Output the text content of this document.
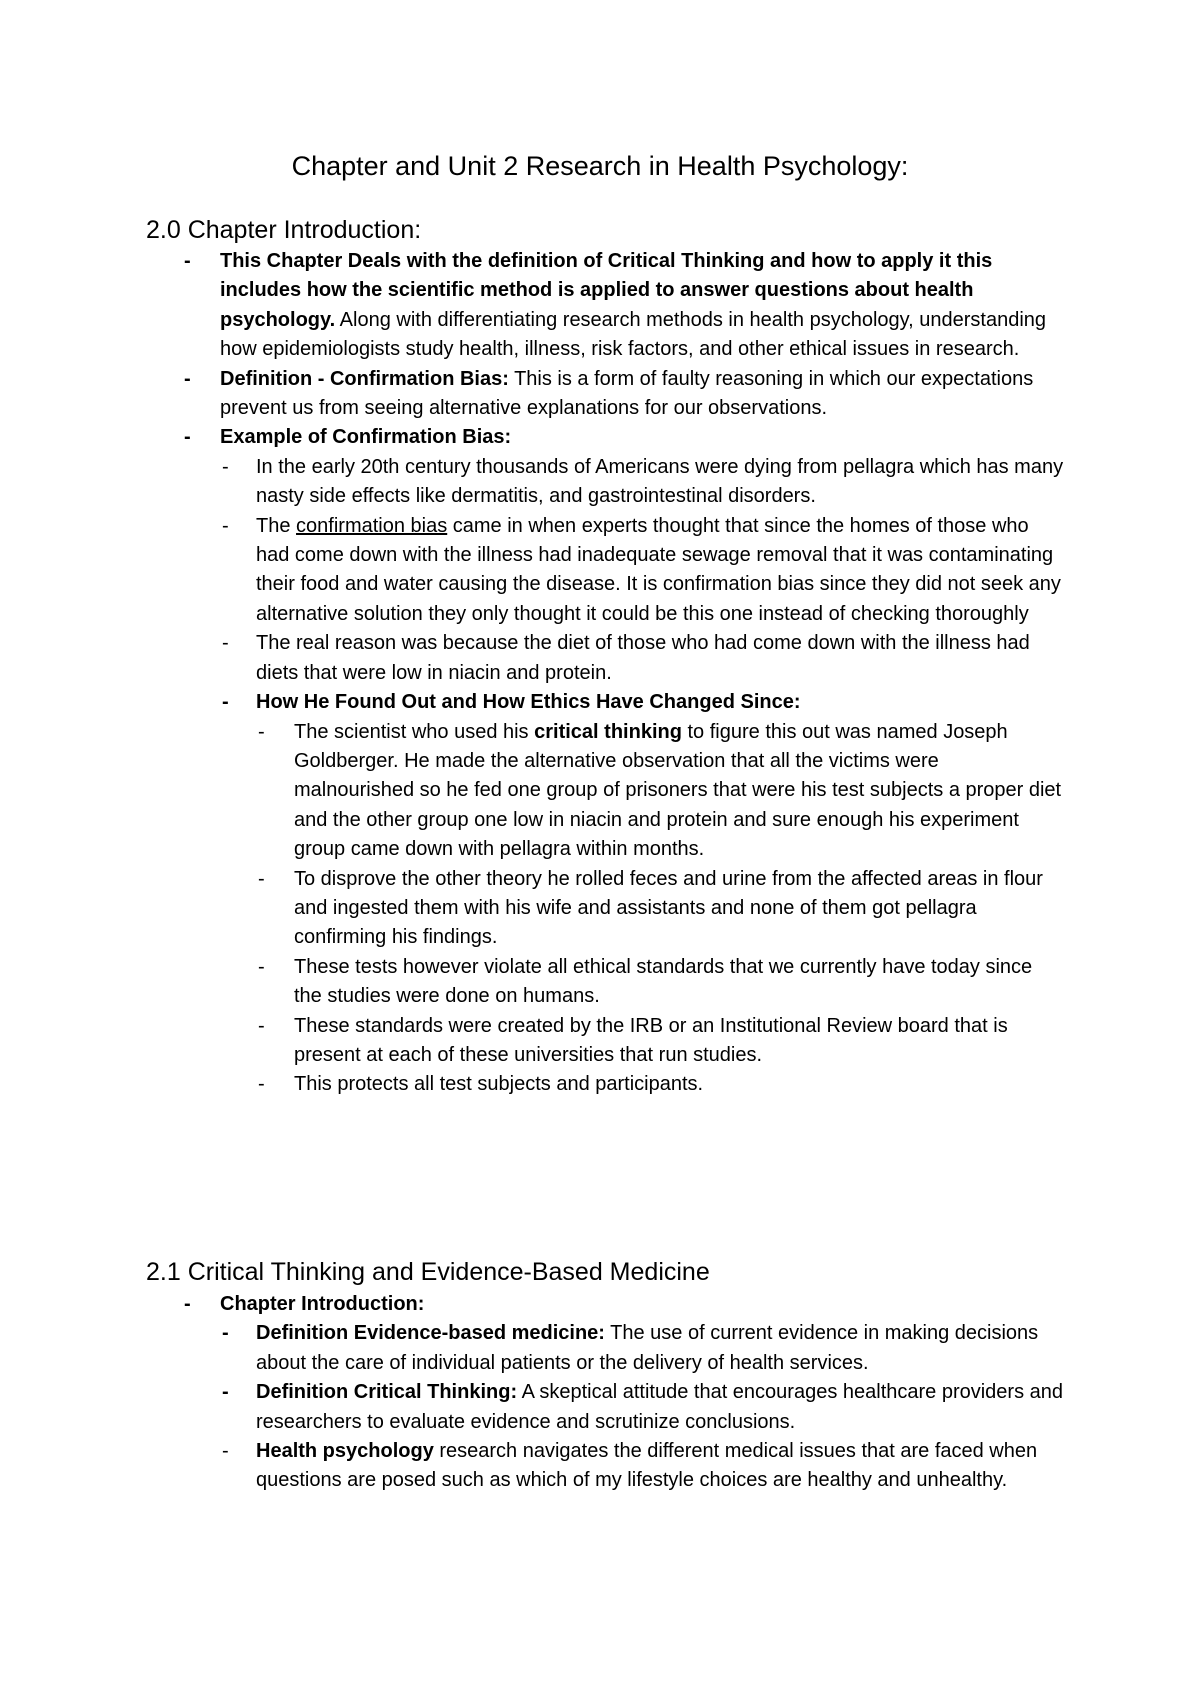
Chapter and Unit 2 Research in Health Psychology:
2.0 Chapter Introduction:
- This Chapter Deals with the definition of Critical Thinking and how to apply it this includes how the scientific method is applied to answer questions about health psychology. Along with differentiating research methods in health psychology, understanding how epidemiologists study health, illness, risk factors, and other ethical issues in research.
- Definition - Confirmation Bias: This is a form of faulty reasoning in which our expectations prevent us from seeing alternative explanations for our observations.
- Example of Confirmation Bias:
- In the early 20th century thousands of Americans were dying from pellagra which has many nasty side effects like dermatitis, and gastrointestinal disorders.
- The confirmation bias came in when experts thought that since the homes of those who had come down with the illness had inadequate sewage removal that it was contaminating their food and water causing the disease. It is confirmation bias since they did not seek any alternative solution they only thought it could be this one instead of checking thoroughly
- The real reason was because the diet of those who had come down with the illness had diets that were low in niacin and protein.
- How He Found Out and How Ethics Have Changed Since:
- The scientist who used his critical thinking to figure this out was named Joseph Goldberger. He made the alternative observation that all the victims were malnourished so he fed one group of prisoners that were his test subjects a proper diet and the other group one low in niacin and protein and sure enough his experiment group came down with pellagra within months.
- To disprove the other theory he rolled feces and urine from the affected areas in flour and ingested them with his wife and assistants and none of them got pellagra confirming his findings.
- These tests however violate all ethical standards that we currently have today since the studies were done on humans.
- These standards were created by the IRB or an Institutional Review board that is present at each of these universities that run studies.
- This protects all test subjects and participants.
2.1 Critical Thinking and Evidence-Based Medicine
- Chapter Introduction:
- Definition Evidence-based medicine: The use of current evidence in making decisions about the care of individual patients or the delivery of health services.
- Definition Critical Thinking: A skeptical attitude that encourages healthcare providers and researchers to evaluate evidence and scrutinize conclusions.
- Health psychology research navigates the different medical issues that are faced when questions are posed such as which of my lifestyle choices are healthy and unhealthy.
